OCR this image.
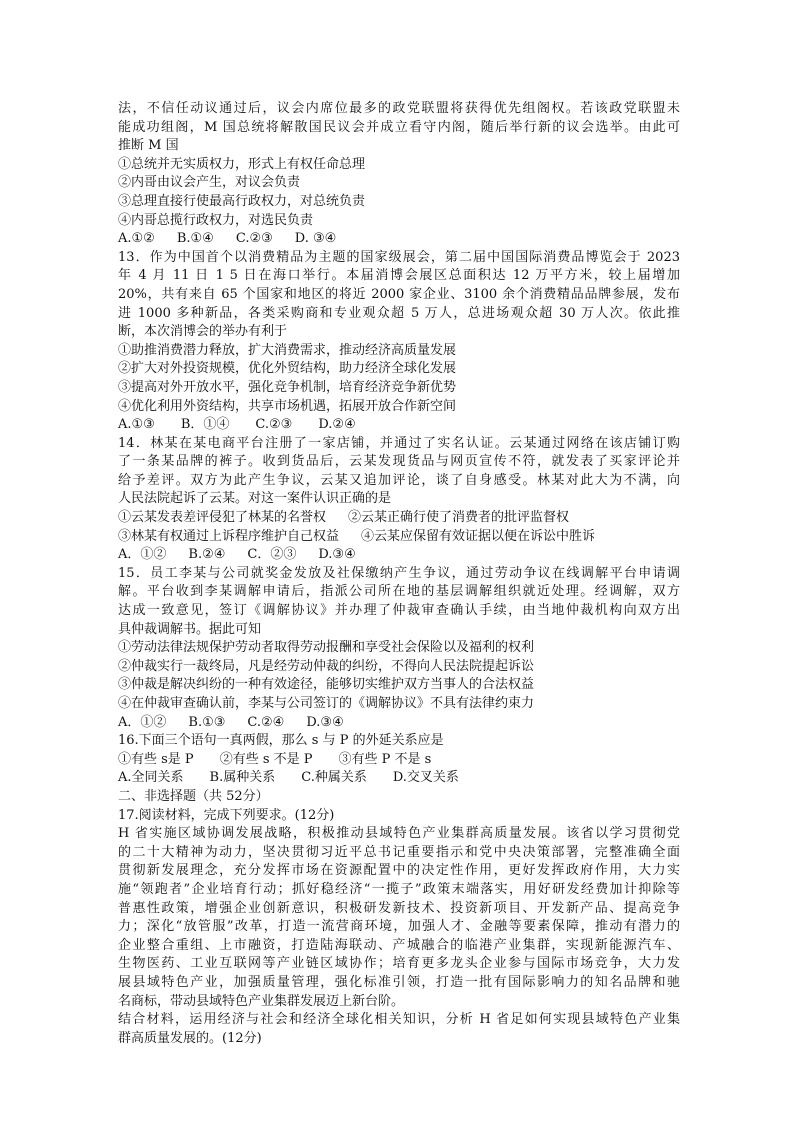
法，不信任动议通过后，议会内席位最多的政党联盟将获得优先组阁权。若该政党联盟未
能成功组阁，M 国总统将解散国民议会并成立看守内阁，随后举行新的议会选举。由此可
推断 M 国
①总统并无实质权力，形式上有权任命总理
②内哥由议会产生，对议会负责
③总理直接行使最高行政权力，对总统负责
④内哥总揽行政权力，对选民负责
A.①② B.①④ C.②③ D. ③④
13．作为中国首个以消费精品为主题的国家级展会，第二届中国国际消费品博览会于 2023
年 4 月 11 日 1 5 日在海口举行。本届消博会展区总面积达 12 万平方米，较上届增加
20%，共有来自 65 个国家和地区的将近 2000 家企业、3100 余个消费精品品牌参展，发布
进 1000 多种新品，各类采购商和专业观众超 5 万人，总进场观众超 30 万人次。依此推
断，本次消博会的举办有利于
①助推消费潜力释放，扩大消费需求，推动经济高质量发展
②扩大对外投资规模，优化外贸结构，助力经济全球化发展
③提高对外开放水平，强化竞争机制，培育经济竞争新优势
④优化利用外资结构，共享市场机遇，拓展开放合作新空间
A.①③ B．①④ C.②③ D.②④
14．林某在某电商平台注册了一家店铺，并通过了实名认证。云某通过网络在该店铺订购
了一条某品牌的裤子。收到货品后，云某发现货品与网页宣传不符，就发表了买家评论并
给予差评。双方为此产生争议，云某又追加评论，谈了自身感受。林某对此大为不满，向
人民法院起诉了云某。对这一案件认识正确的是
①云某发表差评侵犯了林某的名誉权 ②云某正确行使了消费者的批评监督权
③林某有权通过上诉程序维护自己权益 ④云某应保留有效证据以便在诉讼中胜诉
A．①② B.②④ C．②③ D.③④
15．员工李某与公司就奖金发放及社保缴纳产生争议，通过劳动争议在线调解平台申请调
解。平台收到李某调解申请后，指派公司所在地的基层调解组织就近处理。经调解，双方
达成一致意见，签订《调解协议》并办理了仲裁审查确认手续，由当地仲裁机构向双方出
具仲裁调解书。据此可知
①劳动法律法规保护劳动者取得劳动报酬和享受社会保险以及福利的权利
②仲裁实行一裁终局，凡是经劳动仲裁的纠纷，不得向人民法院提起诉讼
③仲裁是解决纠纷的一种有效途径，能够切实维护双方当事人的合法权益
④在仲裁审查确认前，李某与公司签订的《调解协议》不具有法律约束力
A．①② B.①③ C.②④ D.③④
16.下面三个语句一真两假，那么 s 与 P 的外延关系应是
①有些 s是 P ②有些 s 不是 P ③有些 P 不是 s
A.全同关系 B.属种关系 C.种属关系 D.交叉关系
二、非选择题（共 52分）
17.阅读材料，完成下列要求。(12分)
H 省实施区域协调发展战略，积极推动县域特色产业集群高质量发展。该省以学习贯彻党
的二十大精神为动力，坚决贯彻习近平总书记重要指示和党中央决策部署，完整准确全面
贯彻新发展理念，充分发挥市场在资源配置中的决定性作用，更好发挥政府作用，大力实
施“领跑者”企业培育行动；抓好稳经济“一揽子”政策末端落实，用好研发经费加计抑除等
普惠性政策，增强企业创新意识，积极研发新技术、投资新项目、开发新产品、提高竞争
力；深化“放管服”改革，打造一流营商环境，加强人才、金融等要素保障，推动有潜力的
企业整合重组、上市融资，打造陆海联动、产城融合的临港产业集群，实现新能源汽车、
生物医药、工业互联网等产业链区域协作；培育更多龙头企业参与国际市场竞争，大力发
展县域特色产业，加强质量管理，强化标准引领，打造一批有国际影响力的知名品牌和驰
名商标，带动县域特色产业集群发展迈上新台阶。
结合材料，运用经济与社会和经济全球化相关知识，分析 H 省足如何实现县域特色产业集
群高质量发展的。(12分)
